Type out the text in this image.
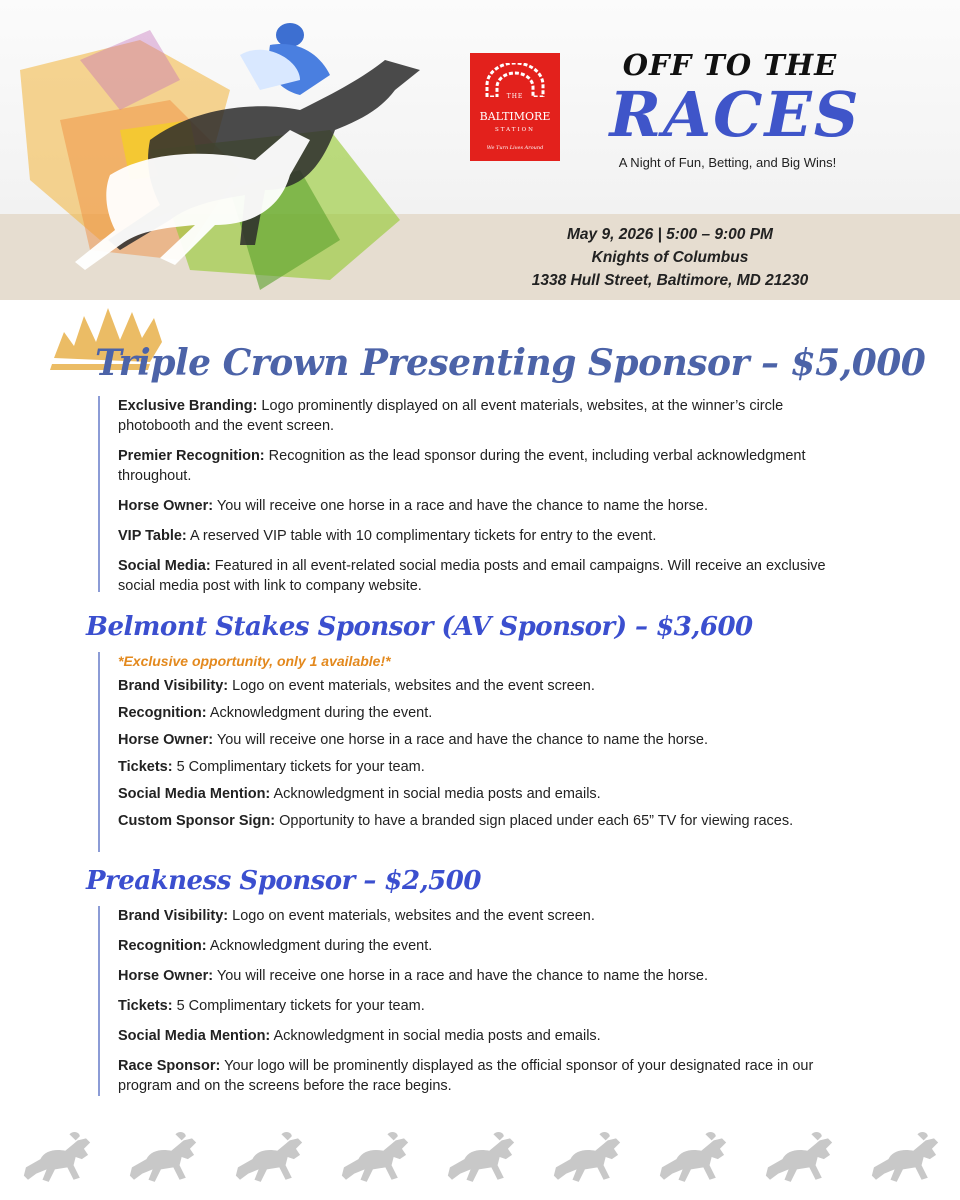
THE
BALTIMORE
STATION
We Turn Lives Around
OFF TO THE
RACES
A Night of Fun, Betting, and Big Wins!
May 9, 2026 | 5:00 – 9:00 PM
Knights of Columbus
1338 Hull Street, Baltimore, MD 21230
Triple Crown Presenting Sponsor – $5,000
Exclusive Branding: Logo prominently displayed on all event materials, websites, at the winner’s circle photobooth and the event screen.
Premier Recognition: Recognition as the lead sponsor during the event, including verbal acknowledgment throughout.
Horse Owner: You will receive one horse in a race and have the chance to name the horse.
VIP Table: A reserved VIP table with 10 complimentary tickets for entry to the event.
Social Media: Featured in all event-related social media posts and email campaigns. Will receive an exclusive social media post with link to company website.
Belmont Stakes Sponsor (AV Sponsor) – $3,600
*Exclusive opportunity, only 1 available!*
Brand Visibility: Logo on event materials, websites and the event screen.
Recognition: Acknowledgment during the event.
Horse Owner: You will receive one horse in a race and have the chance to name the horse.
Tickets: 5 Complimentary tickets for your team.
Social Media Mention: Acknowledgment in social media posts and emails.
Custom Sponsor Sign: Opportunity to have a branded sign placed under each 65” TV for viewing races.
Preakness Sponsor – $2,500
Brand Visibility: Logo on event materials, websites and the event screen.
Recognition: Acknowledgment during the event.
Horse Owner: You will receive one horse in a race and have the chance to name the horse.
Tickets: 5 Complimentary tickets for your team.
Social Media Mention: Acknowledgment in social media posts and emails.
Race Sponsor: Your logo will be prominently displayed as the official sponsor of your designated race in our program and on the screens before the race begins.
